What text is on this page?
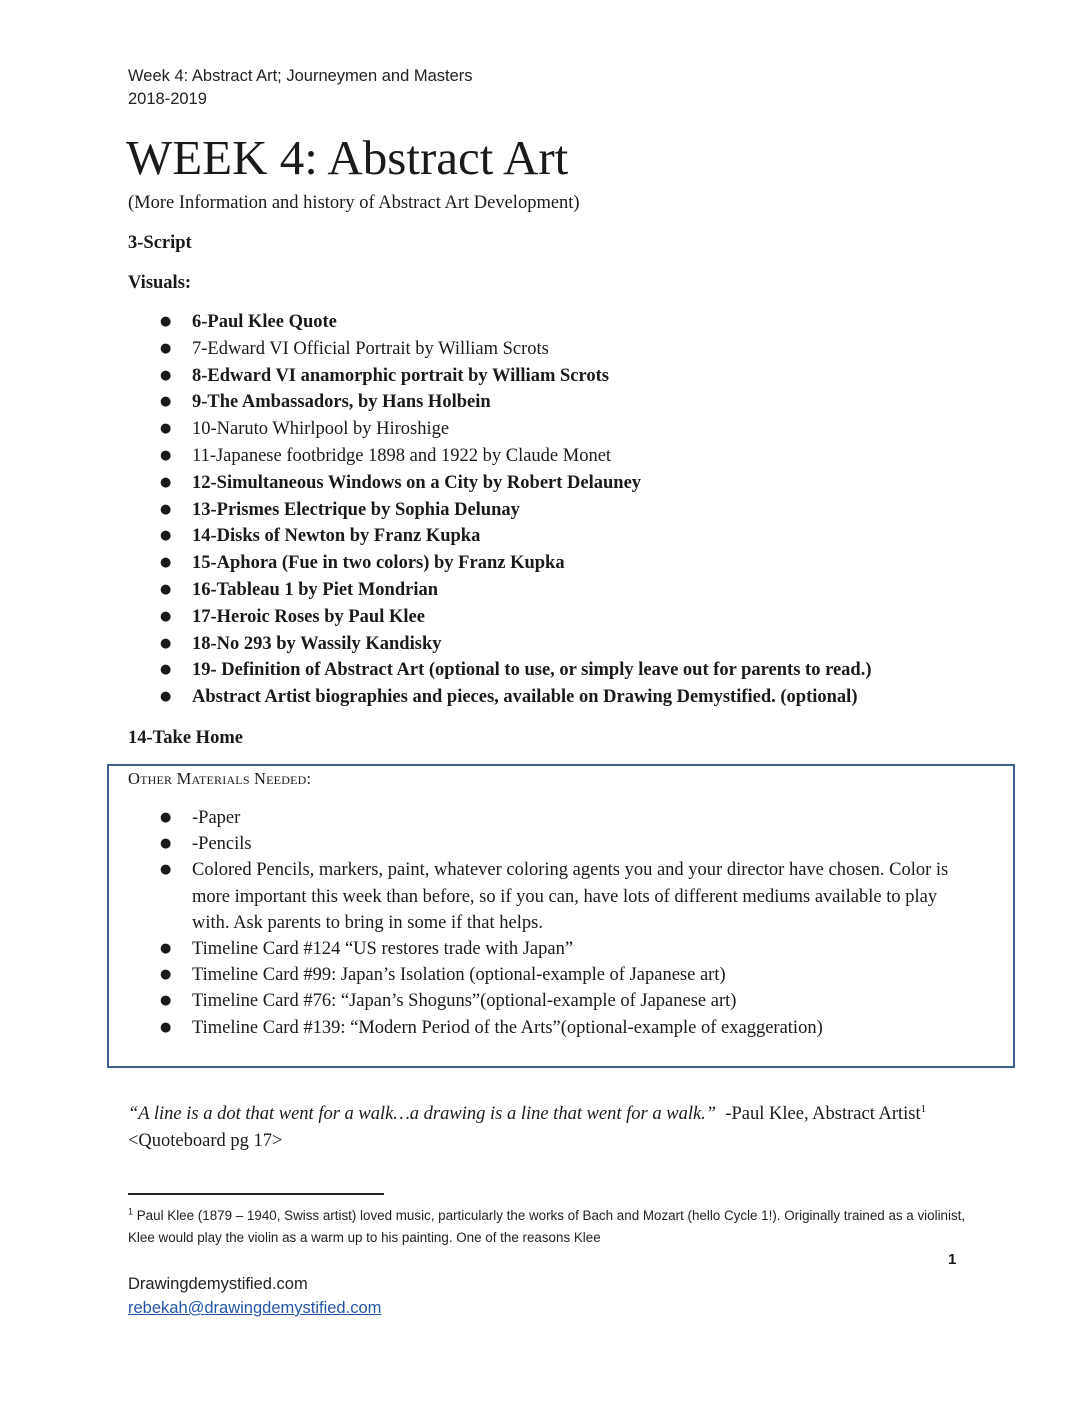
Week 4: Abstract Art; Journeymen and Masters
2018-2019
WEEK 4: Abstract Art
(More Information and history of Abstract Art Development)
3-Script
Visuals:
● 6-Paul Klee Quote
● 7-Edward VI Official Portrait by William Scrots
● 8-Edward VI anamorphic portrait by William Scrots
● 9-The Ambassadors, by Hans Holbein
● 10-Naruto Whirlpool by Hiroshige
● 11-Japanese footbridge 1898 and 1922 by Claude Monet
● 12-Simultaneous Windows on a City by Robert Delauney
● 13-Prismes Electrique by Sophia Delunay
● 14-Disks of Newton by Franz Kupka
● 15-Aphora (Fue in two colors) by Franz Kupka
● 16-Tableau 1 by Piet Mondrian
● 17-Heroic Roses by Paul Klee
● 18-No 293 by Wassily Kandisky
● 19- Definition of Abstract Art (optional to use, or simply leave out for parents to read.)
● Abstract Artist biographies and pieces, available on Drawing Demystified. (optional)
14-Take Home
Other Materials Needed:
● -Paper
● -Pencils
● Colored Pencils, markers, paint, whatever coloring agents you and your director have chosen. Color is more important this week than before, so if you can, have lots of different mediums available to play with. Ask parents to bring in some if that helps.
● Timeline Card #124 “US restores trade with Japan”
● Timeline Card #99: Japan’s Isolation (optional-example of Japanese art)
● Timeline Card #76: “Japan’s Shoguns”(optional-example of Japanese art)
● Timeline Card #139: “Modern Period of the Arts”(optional-example of exaggeration)
“A line is a dot that went for a walk…a drawing is a line that went for a walk.” -Paul Klee, Abstract Artist$^1$  <Quoteboard pg 17>
$^1$ Paul Klee (1879 – 1940, Swiss artist) loved music, particularly the works of Bach and Mozart (hello Cycle 1!). Originally trained as a violinist, Klee would play the violin as a warm up to his painting. One of the reasons Klee
1
Drawingdemystified.com
rebekah@drawingdemystified.com
